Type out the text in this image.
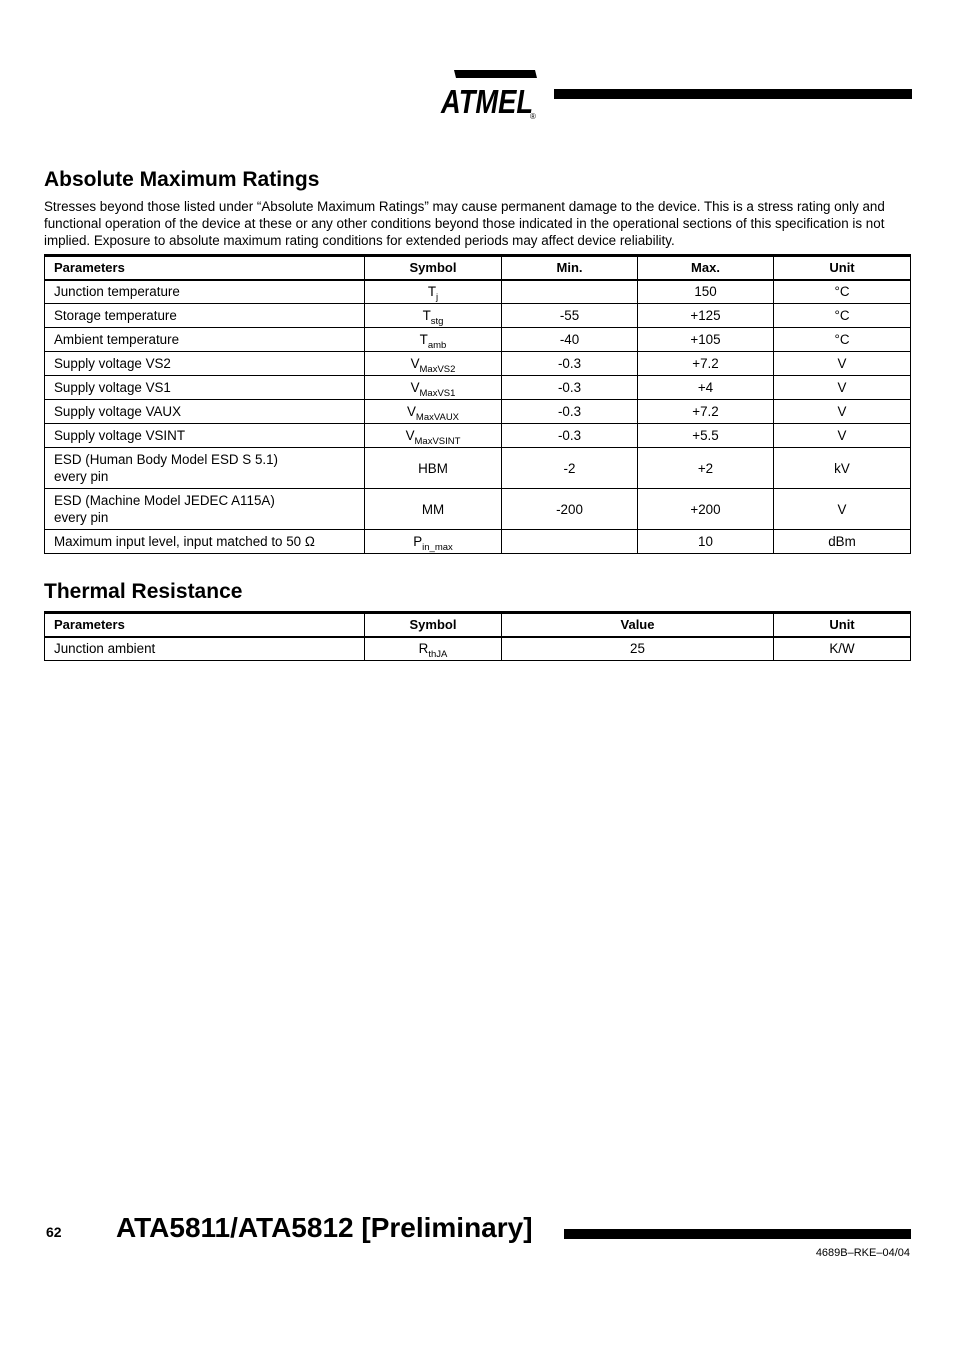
ATMEL
®
Absolute Maximum Ratings

Stresses beyond those listed under “Absolute Maximum Ratings” may cause permanent damage to the device. This is a stress rating only and functional operation of the device at these or any other conditions beyond those indicated in the operational sections of this specification is not implied. Exposure to absolute maximum rating conditions for extended periods may affect device reliability.

Parameters	Symbol	Min.	Max.	Unit
Junction temperature	$T_j$		150	°C
Storage temperature	$T_{stg}$	-55	+125	°C
Ambient temperature	$T_{amb}$	-40	+105	°C
Supply voltage VS2	$V_{MaxVS2}$	-0.3	+7.2	V
Supply voltage VS1	$V_{MaxVS1}$	-0.3	+4	V
Supply voltage VAUX	$V_{MaxVAUX}$	-0.3	+7.2	V
Supply voltage VSINT	$V_{MaxVSINT}$	-0.3	+5.5	V
ESD (Human Body Model ESD S 5.1)
every pin	HBM	-2	+2	kV
ESD (Machine Model JEDEC A115A)
every pin	MM	-200	+200	V
Maximum input level, input matched to 50 Ω	$P_{in\_max}$		10	dBm
Thermal Resistance
Parameters	Symbol	Value	Unit
Junction ambient	$R_{thJA}$	25	K/W
62 ATA5811/ATA5812 [Preliminary]
4689B–RKE–04/04
